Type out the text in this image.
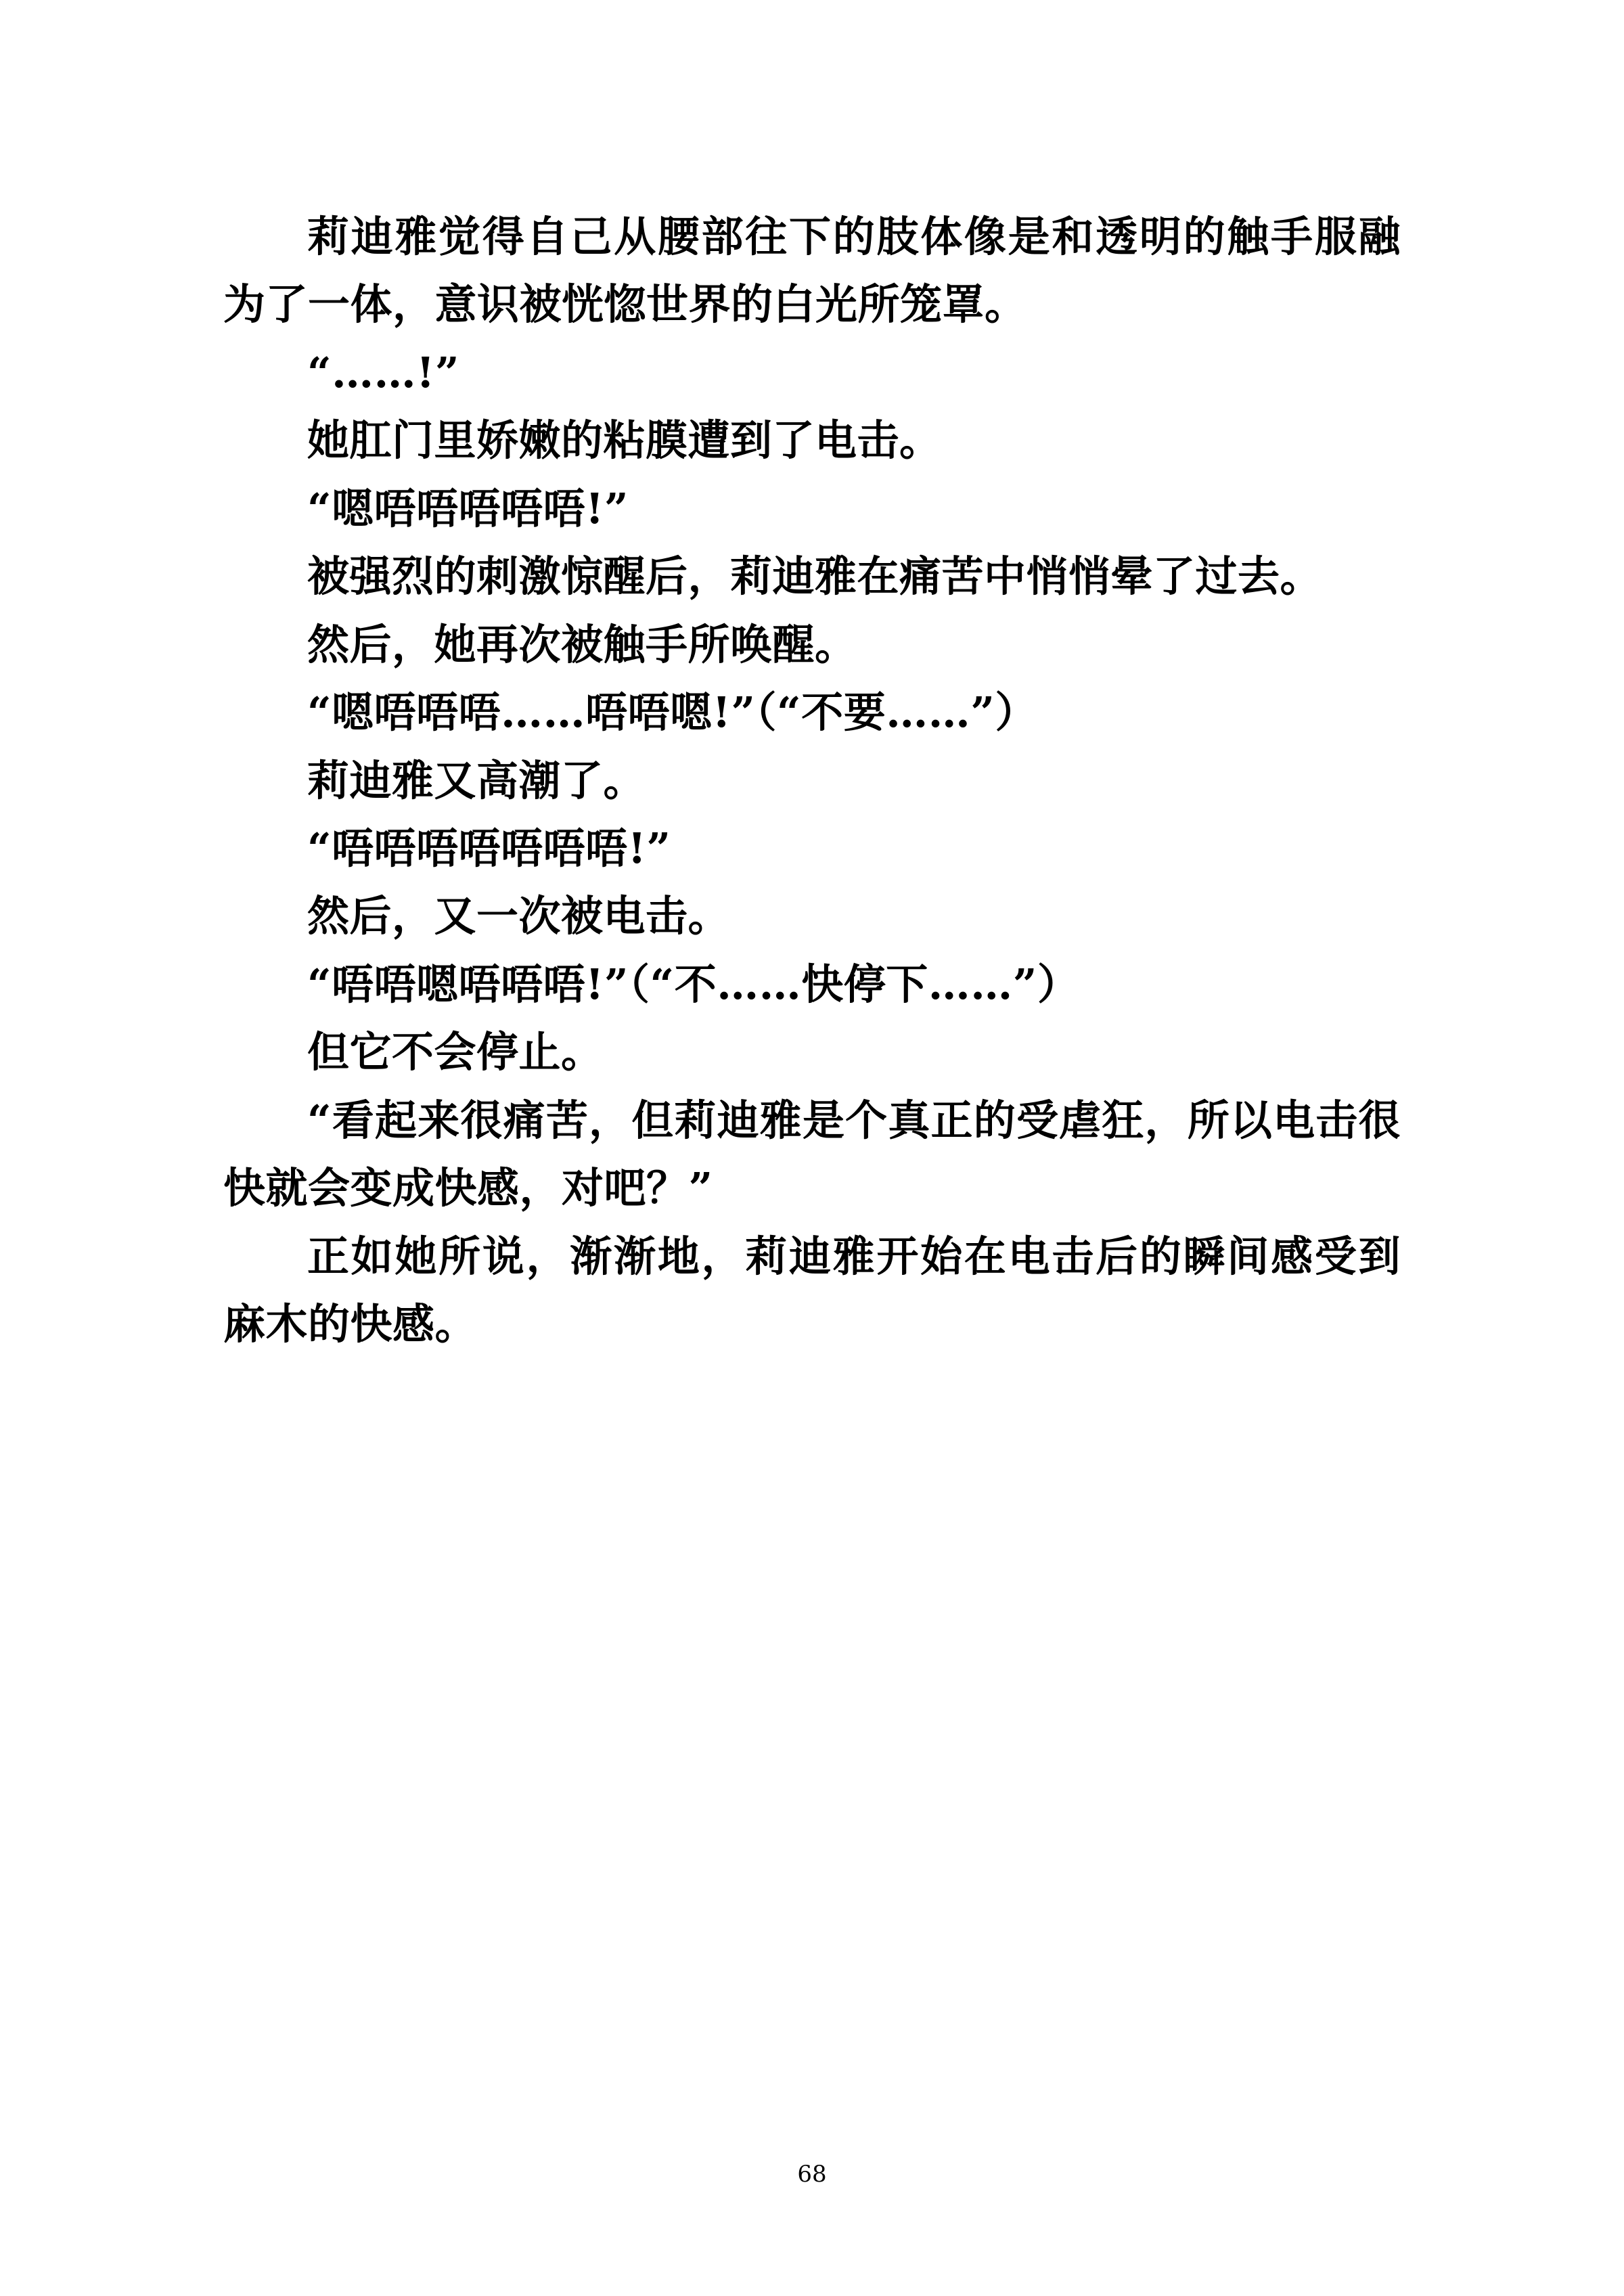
莉迪雅觉得自己从腰部往下的肢体像是和透明的触手服融为了一体，意识被恍惚世界的白光所笼罩。

“……!”

她肛门里娇嫩的粘膜遭到了电击。

“嗯唔唔唔唔唔!”

被强烈的刺激惊醒后，莉迪雅在痛苦中悄悄晕了过去。

然后，她再次被触手所唤醒。

“嗯唔唔唔……唔唔嗯!”（“不要……”）

莉迪雅又高潮了。

“唔唔唔唔唔唔唔!”

然后，又一次被电击。

“唔唔嗯唔唔唔!”（“不……快停下……”）

但它不会停止。

“看起来很痛苦，但莉迪雅是个真正的受虐狂，所以电击很快就会变成快感，对吧？”

正如她所说，渐渐地，莉迪雅开始在电击后的瞬间感受到麻木的快感。

68
